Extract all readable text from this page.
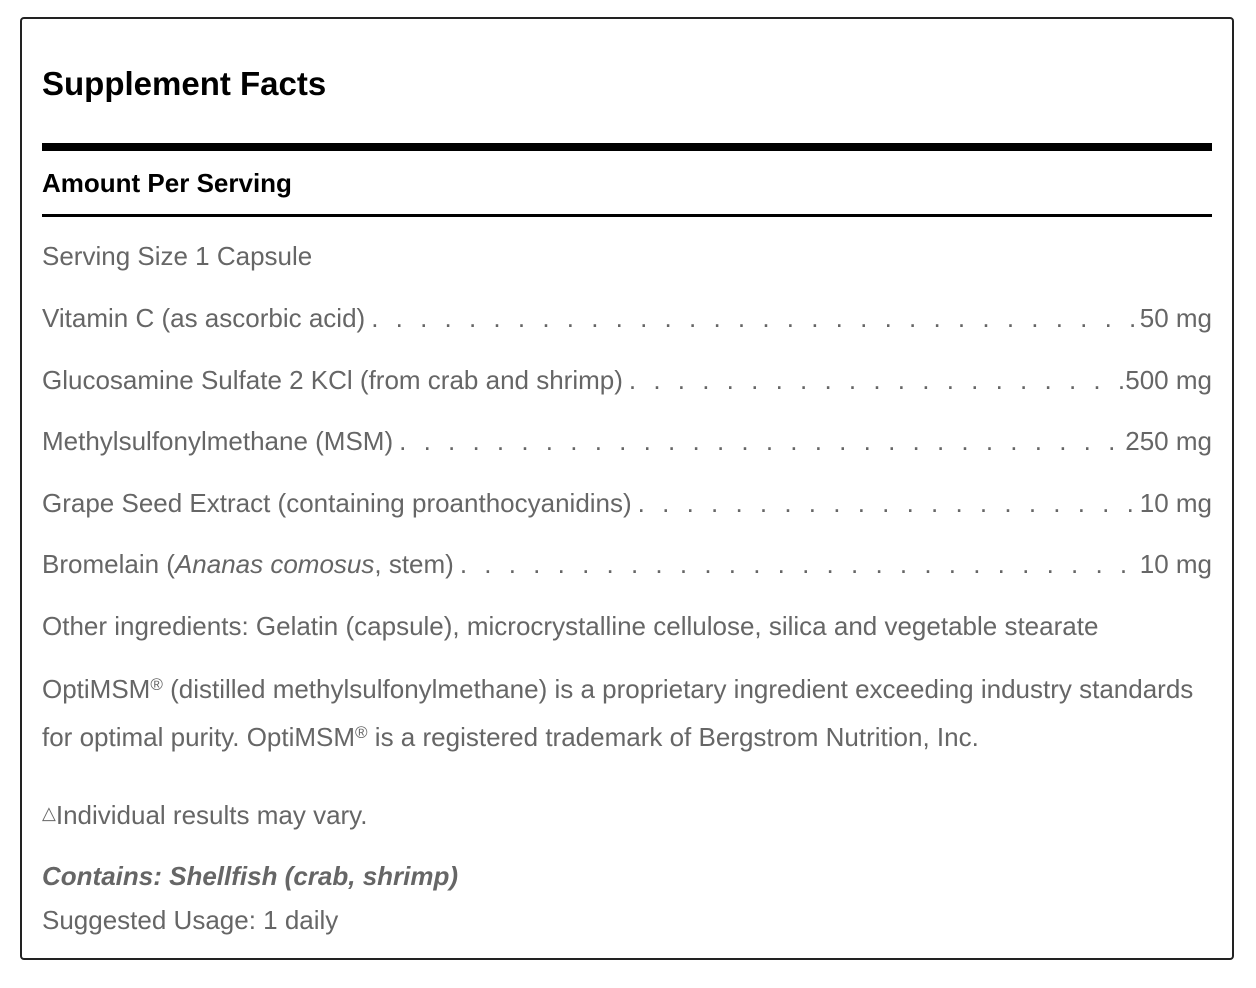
Supplement Facts
Amount Per Serving
Serving Size 1 Capsule
Vitamin C (as ascorbic acid) . . .	50 mg
Glucosamine Sulfate 2 KCl (from crab and shrimp) . . .	500 mg
Methylsulfonylmethane (MSM) . . .	250 mg
Grape Seed Extract (containing proanthocyanidins) . . .	10 mg
Bromelain (Ananas comosus, stem) . . .	10 mg
Other ingredients: Gelatin (capsule), microcrystalline cellulose, silica and vegetable stearate
OptiMSM® (distilled methylsulfonylmethane) is a proprietary ingredient exceeding industry standards for optimal purity. OptiMSM® is a registered trademark of Bergstrom Nutrition, Inc.
△Individual results may vary.
Contains: Shellfish (crab, shrimp)
Suggested Usage: 1 daily
